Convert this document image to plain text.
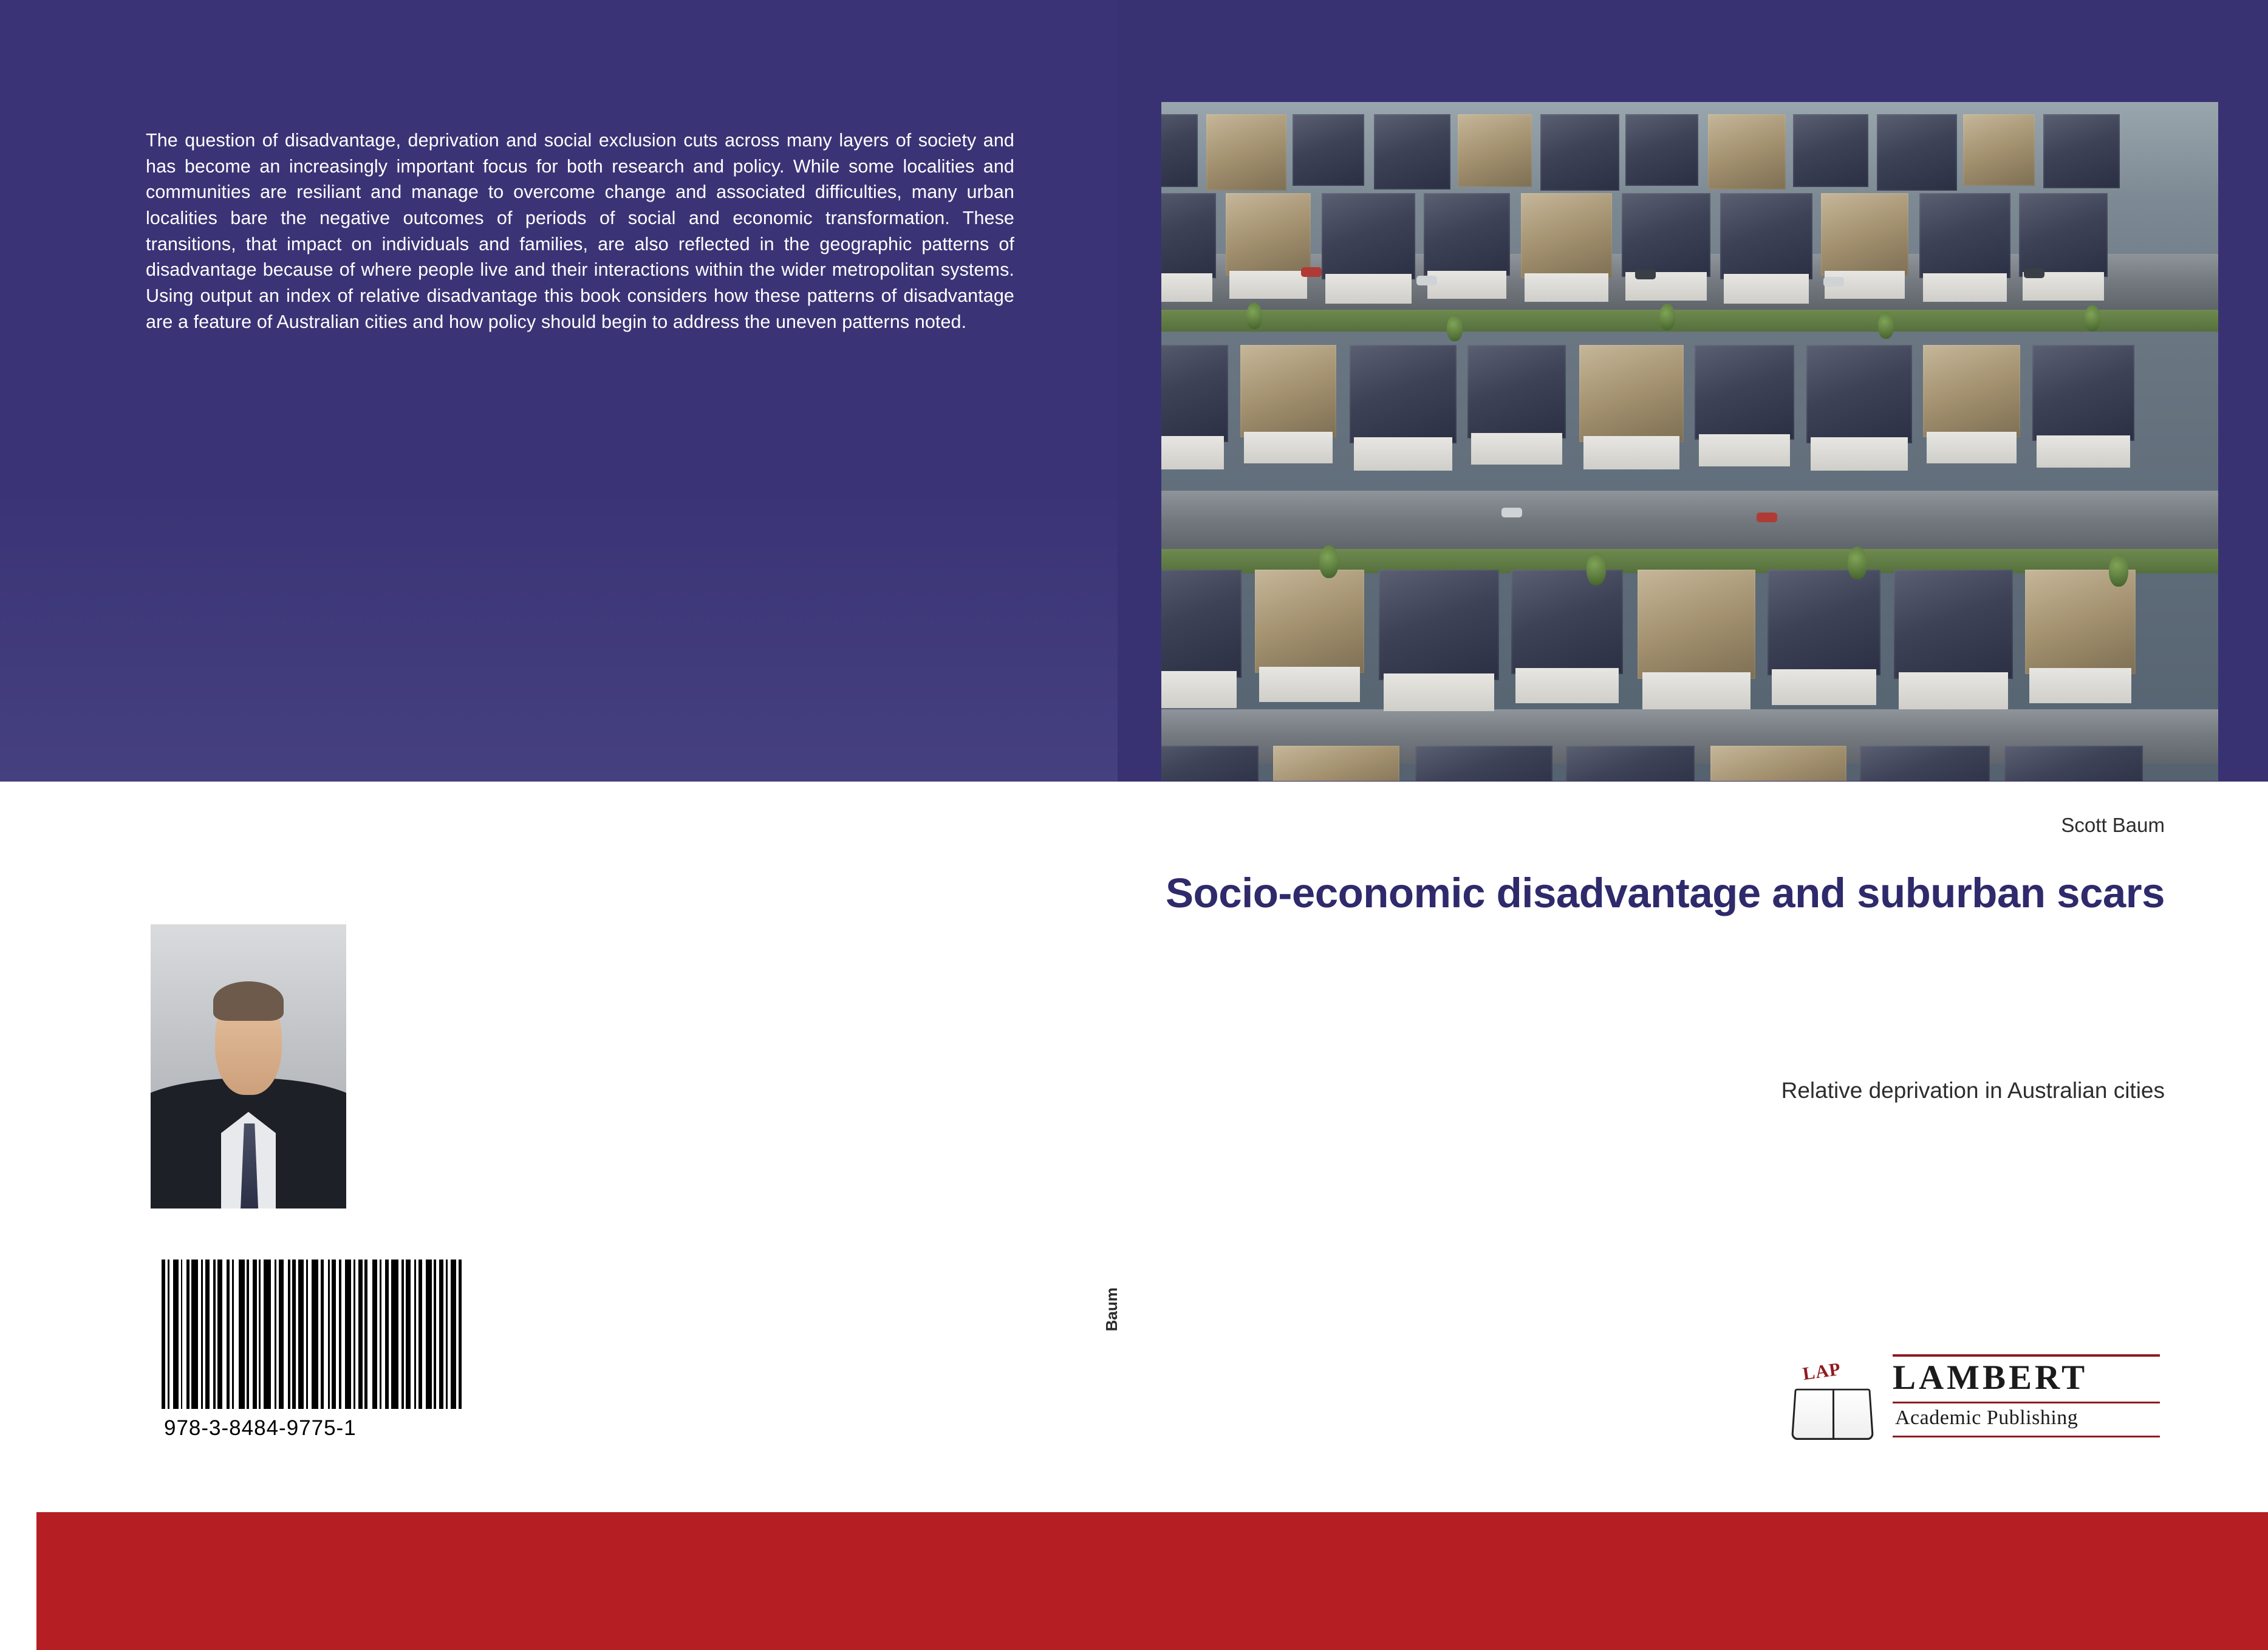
The question of disadvantage, deprivation and social exclusion cuts across many layers of society and has become an increasingly important focus for both research and policy. While some localities and communities are resiliant and manage to overcome change and associated difficulties, many urban localities bare the negative outcomes of periods of social and economic transformation. These transitions, that impact on individuals and families, are also reflected in the geographic patterns of disadvantage because of where people live and their interactions within the wider metropolitan systems. Using output an index of relative disadvantage this book considers how these patterns of disadvantage are a feature of Australian cities and how policy should begin to address the uneven patterns noted.
Baum
Scott Baum
Socio-economic disadvantage and suburban scars
Relative deprivation in Australian cities
Scott Baum
Trained in Economics and Sociology at The Flinders University of South Australia Scott Baum has held research positions at several Australian universities. His research interests span several disciplines including sociology, economic and public health and include collaborations with Australian and international colleagues.
978-3-8484-9775-1
LAP LAMBERT
Academic Publishing
